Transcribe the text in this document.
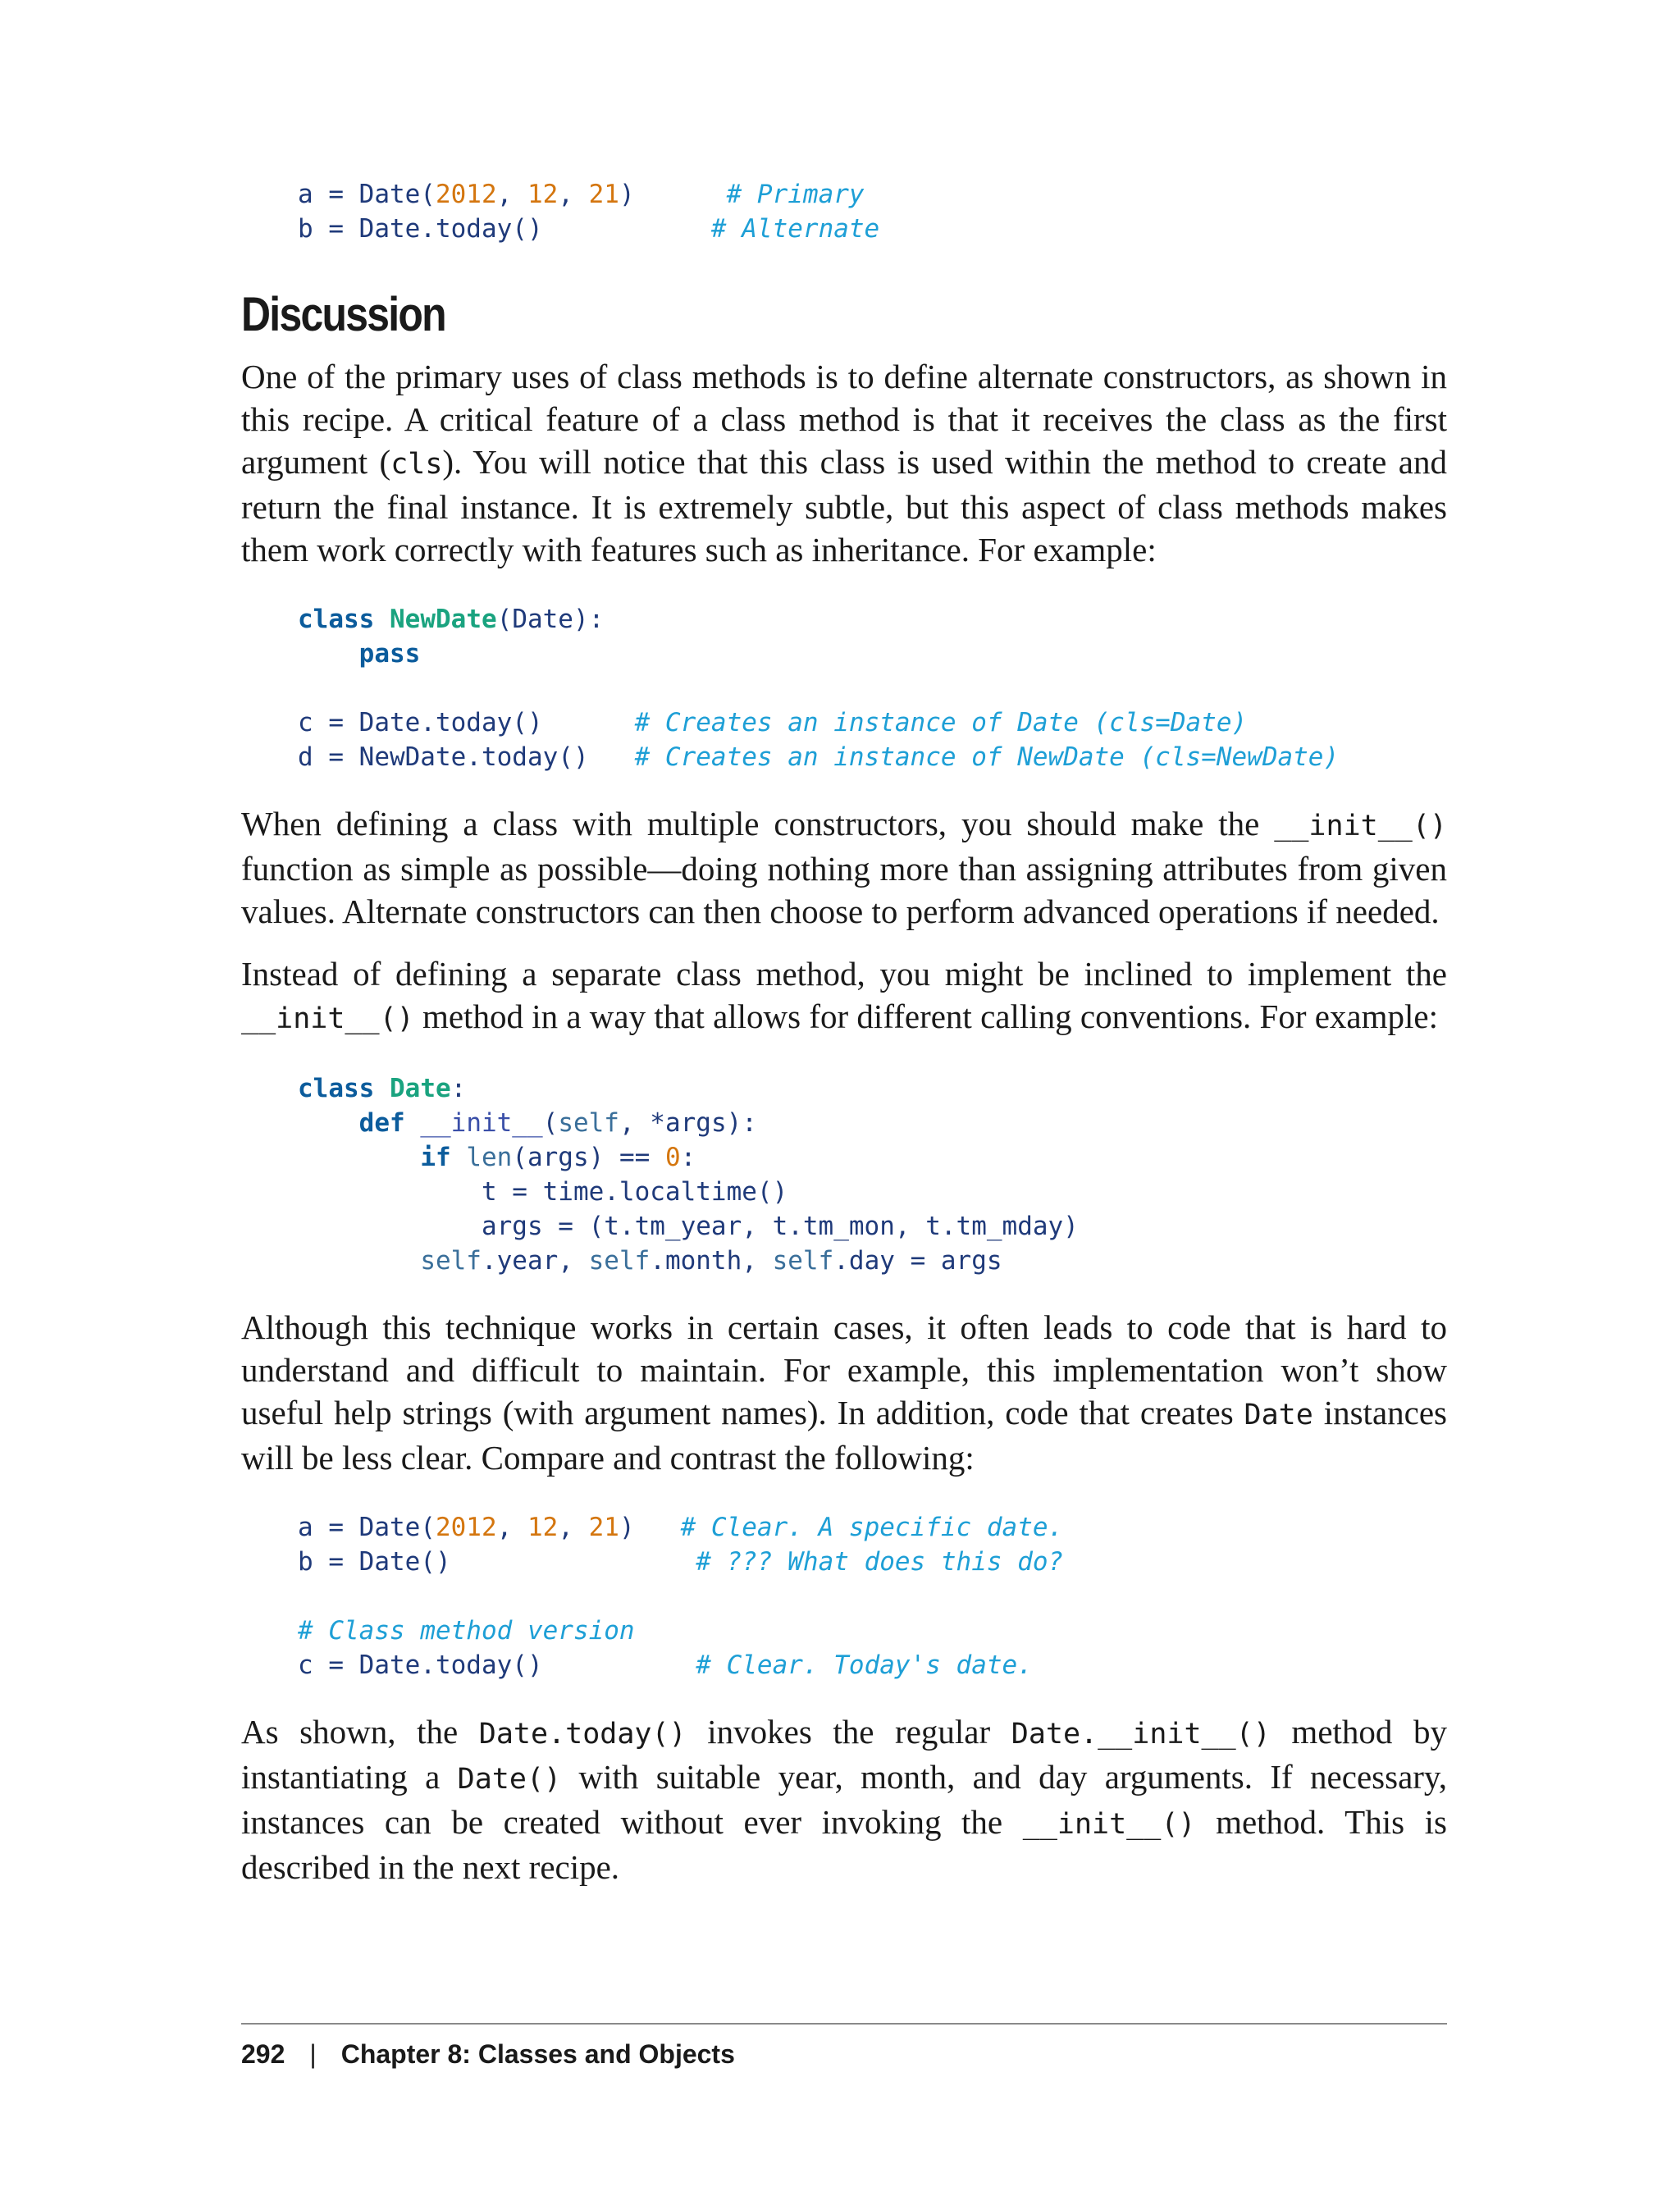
a = Date(2012, 12, 21)      # Primary
b = Date.today()	# Alternate
Discussion

One of the primary uses of class methods is to define alternate constructors, as shown in this recipe. A critical feature of a class method is that it receives the class as the first argument (cls). You will notice that this class is used within the method to create and return the final instance. It is extremely subtle, but this aspect of class methods makes them work correctly with features such as inheritance. For example:

class NewDate(Date):
pass

c = Date.today()	# Creates an instance of Date (cls=Date)
d = NewDate.today()   # Creates an instance of NewDate (cls=NewDate)

When defining a class with multiple constructors, you should make the __init__() function as simple as possible—doing nothing more than assigning attributes from given values. Alternate constructors can then choose to perform advanced operations if needed.

Instead of defining a separate class method, you might be inclined to implement the __init__() method in a way that allows for different calling conventions. For example:

class Date:
def __init__(self, *args):
if len(args) == 0:
t = time.localtime()
args = (t.tm_year, t.tm_mon, t.tm_mday)
self.year, self.month, self.day = args

Although this technique works in certain cases, it often leads to code that is hard to understand and difficult to maintain. For example, this implementation won’t show useful help strings (with argument names). In addition, code that creates Date instances will be less clear. Compare and contrast the following:

a = Date(2012, 12, 21)   # Clear. A specific date.
b = Date()	# ??? What does this do?

# Class method version
c = Date.today()	# Clear. Today's date.

As shown, the Date.today() invokes the regular Date.__init__() method by instantiating a Date() with suitable year, month, and day arguments. If necessary, instances can be created without ever invoking the __init__() method. This is described in the next recipe.

292 | Chapter 8: Classes and Objects
